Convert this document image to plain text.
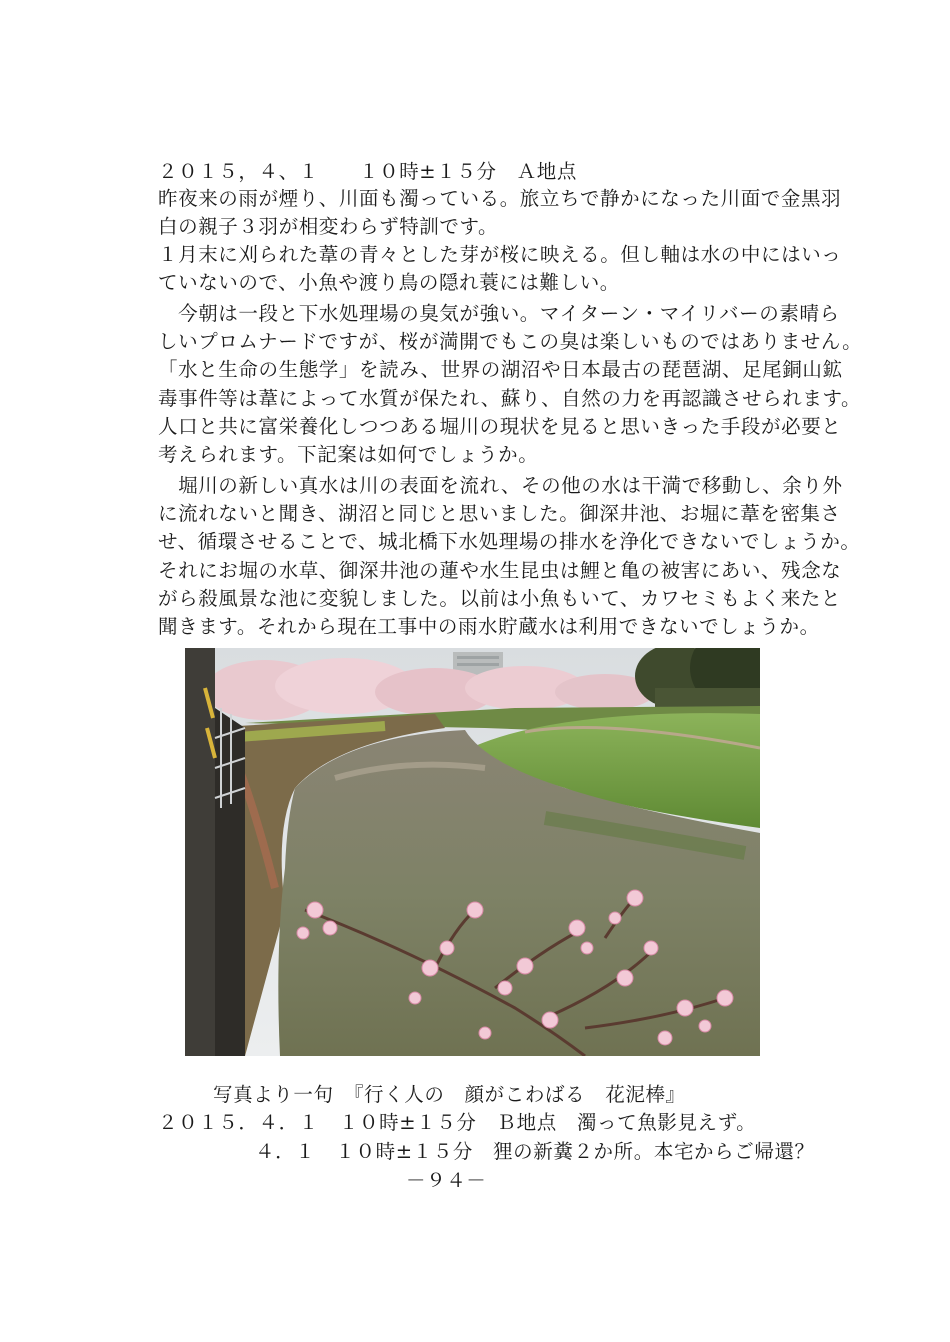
２０１５，４、１　　１０時±１５分　Ａ地点
昨夜来の雨が煙り、川面も濁っている。旅立ちで静かになった川面で金黒羽
白の親子３羽が相変わらず特訓です。
１月末に刈られた葦の青々とした芽が桜に映える。但し軸は水の中にはいっ
ていないので、小魚や渡り鳥の隠れ蓑には難しい。
　今朝は一段と下水処理場の臭気が強い。マイターン・マイリバーの素晴ら
しいプロムナードですが、桜が満開でもこの臭は楽しいものではありません。
「水と生命の生態学」を読み、世界の湖沼や日本最古の琵琶湖、足尾銅山鉱
毒事件等は葦によって水質が保たれ、蘇り、自然の力を再認識させられます。
人口と共に富栄養化しつつある堀川の現状を見ると思いきった手段が必要と
考えられます。下記案は如何でしょうか。
　堀川の新しい真水は川の表面を流れ、その他の水は干満で移動し、余り外
に流れないと聞き、湖沼と同じと思いました。御深井池、お堀に葦を密集さ
せ、循環させることで、城北橋下水処理場の排水を浄化できないでしょうか。
それにお堀の水草、御深井池の蓮や水生昆虫は鯉と亀の被害にあい、残念な
がら殺風景な池に変貌しました。以前は小魚もいて、カワセミもよく来たと
聞きます。それから現在工事中の雨水貯蔵水は利用できないでしょうか。
写真より一句　『行く人の　顔がこわばる　花泥棒』
２０１５．４．１　１０時±１５分　Ｂ地点　濁って魚影見えず。
４．１　１０時±１５分　狸の新糞２か所。本宅からご帰還？
－９４－
